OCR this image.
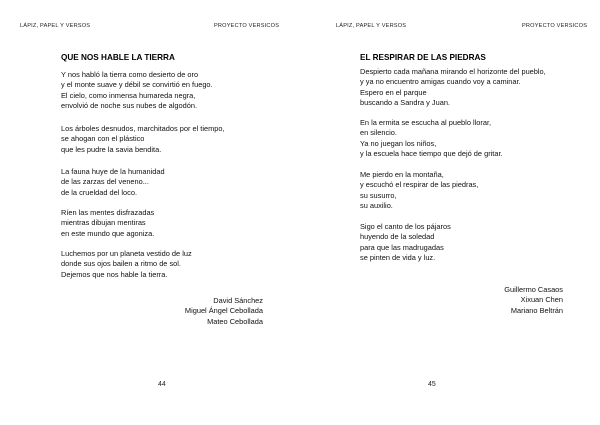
LÁPIZ, PAPEL Y VERSOS	PROYECTO VERSICOS
QUE NOS HABLE LA TIERRA
Y nos habló la tierra como desierto de oro
y el monte suave y débil se convirtió en fuego.
El cielo, como inmensa humareda negra,
envolvió de noche sus nubes de algodón.
Los árboles desnudos, marchitados por el tiempo,
se ahogan con el plástico
que les pudre la savia bendita.
La fauna huye de la humanidad
de las zarzas del veneno...
de la crueldad del loco.
Ríen las mentes disfrazadas
mientras dibujan mentiras
en este mundo que agoniza.
Luchemos por un planeta vestido de luz
donde sus ojos bailen a ritmo de sol.
Dejemos que nos hable la tierra.
David Sánchez
Miguel Ángel Cebollada
Mateo Cebollada
44
LÁPIZ, PAPEL Y VERSOS	PROYECTO VERSICOS
EL RESPIRAR DE LAS PIEDRAS
Despierto cada mañana mirando el horizonte del pueblo,
y ya no encuentro amigas cuando voy a caminar.
Espero en el parque
buscando a Sandra y Juan.
En la ermita se escucha al pueblo llorar,
en silencio.
Ya no juegan los niños,
y la escuela hace tiempo que dejó de gritar.
Me pierdo en la montaña,
y escuchó el respirar de las piedras,
su susurro,
su auxilio.
Sigo el canto de los pájaros
huyendo de la soledad
para que las madrugadas
se pinten de vida y luz.
Guillermo Casaos
Xixuan Chen
Mariano Beltrán
45
